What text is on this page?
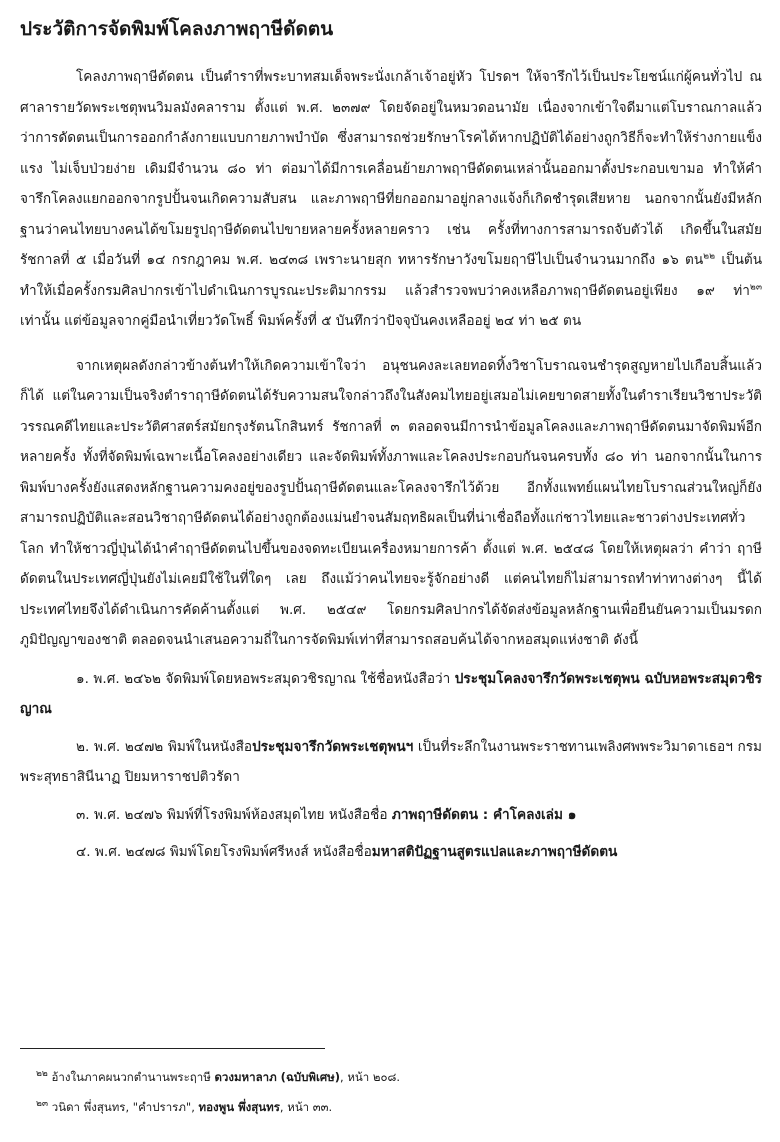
ประวัติการจัดพิมพ์โคลงภาพฤาษีดัดตน

โคลงภาพฤาษีดัดตน เป็นตำราที่พระบาทสมเด็จพระนั่งเกล้าเจ้าอยู่หัว โปรดฯ ให้จารึกไว้เป็นประโยชน์แก่ผู้คนทั่วไป ณ ศาลารายวัดพระเชตุพนวิมลมังคลาราม ตั้งแต่ พ.ศ. ๒๓๗๙ โดยจัดอยู่ในหมวดอนามัย เนื่องจากเข้าใจดีมาแต่โบราณกาลแล้วว่าการดัดตนเป็นการออกกำลังกายแบบกายภาพบำบัด ซึ่งสามารถช่วยรักษาโรคได้หากปฏิบัติได้อย่างถูกวิธีก็จะทำให้ร่างกายแข็งแรง ไม่เจ็บป่วยง่าย เดิมมีจำนวน ๘๐ ท่า ต่อมาได้มีการเคลื่อนย้ายภาพฤาษีดัดตนเหล่านั้นออกมาตั้งประกอบเขามอ ทำให้คำจารึกโคลงแยกออกจากรูปปั้นจนเกิดความสับสน และภาพฤาษีที่ยกออกมาอยู่กลางแจ้งก็เกิดชำรุดเสียหาย นอกจากนั้นยังมีหลักฐานว่าคนไทยบางคนได้ขโมยรูปฤาษีดัดตนไปขายหลายครั้งหลายคราว เช่น ครั้งที่ทางการสามารถจับตัวได้ เกิดขึ้นในสมัยรัชกาลที่ ๕ เมื่อวันที่ ๑๔ กรกฎาคม พ.ศ. ๒๔๓๘ เพราะนายสุก ทหารรักษาวังขโมยฤาษีไปเป็นจำนวนมากถึง ๑๖ ตน$^{๒๒}$ เป็นต้น ทำให้เมื่อครั้งกรมศิลปากรเข้าไปดำเนินการบูรณะประติมากรรม แล้วสำรวจพบว่าคงเหลือภาพฤาษีดัดตนอยู่เพียง ๑๙ ท่า$^{๒๓}$ เท่านั้น แต่ข้อมูลจากคู่มือนำเที่ยววัดโพธิ์ พิมพ์ครั้งที่ ๕ บันทึกว่าปัจจุบันคงเหลืออยู่ ๒๔ ท่า ๒๕ ตน

จากเหตุผลดังกล่าวข้างต้นทำให้เกิดความเข้าใจว่า อนุชนคงละเลยทอดทิ้งวิชาโบราณจนชำรุดสูญหายไปเกือบสิ้นแล้วก็ได้ แต่ในความเป็นจริงตำราฤาษีดัดตนได้รับความสนใจกล่าวถึงในสังคมไทยอยู่เสมอไม่เคยขาดสายทั้งในตำราเรียนวิชาประวัติวรรณคดีไทยและประวัติศาสตร์สมัยกรุงรัตนโกสินทร์ รัชกาลที่ ๓ ตลอดจนมีการนำข้อมูลโคลงและภาพฤาษีดัดตนมาจัดพิมพ์อีกหลายครั้ง ทั้งที่จัดพิมพ์เฉพาะเนื้อโคลงอย่างเดียว และจัดพิมพ์ทั้งภาพและโคลงประกอบกันจนครบทั้ง ๘๐ ท่า นอกจากนั้นในการพิมพ์บางครั้งยังแสดงหลักฐานความคงอยู่ของรูปปั้นฤาษีดัดตนและโคลงจารึกไว้ด้วย อีกทั้งแพทย์แผนไทยโบราณส่วนใหญ่ก็ยังสามารถปฏิบัติและสอนวิชาฤาษีดัดตนได้อย่างถูกต้องแม่นยำจนสัมฤทธิผลเป็นที่น่าเชื่อถือทั้งแก่ชาวไทยและชาวต่างประเทศทั่วโลก ทำให้ชาวญี่ปุ่นได้นำคำฤาษีดัดตนไปขึ้นของจดทะเบียนเครื่องหมายการค้า ตั้งแต่ พ.ศ. ๒๕๔๘ โดยให้เหตุผลว่า คำว่า ฤาษีดัดตนในประเทศญี่ปุ่นยังไม่เคยมีใช้ในที่ใดๆ เลย ถึงแม้ว่าคนไทยจะรู้จักอย่างดี แต่คนไทยก็ไม่สามารถทำท่าทางต่างๆ นี้ได้ ประเทศไทยจึงได้ดำเนินการคัดค้านตั้งแต่ พ.ศ. ๒๕๔๙ โดยกรมศิลปากรได้จัดส่งข้อมูลหลักฐานเพื่อยืนยันความเป็นมรดกภูมิปัญญาของชาติ ตลอดจนนำเสนอความถี่ในการจัดพิมพ์เท่าที่สามารถสอบค้นได้จากหอสมุดแห่งชาติ ดังนี้

๑. พ.ศ. ๒๔๖๒ จัดพิมพ์โดยหอพระสมุดวชิรญาณ ใช้ชื่อหนังสือว่า ประชุมโคลงจารึกวัดพระเชตุพน ฉบับหอพระสมุดวชิรญาณ

๒. พ.ศ. ๒๔๗๒ พิมพ์ในหนังสือประชุมจารึกวัดพระเชตุพนฯ เป็นที่ระลึกในงานพระราชทานเพลิงศพพระวิมาดาเธอฯ กรมพระสุทธาสินีนาฏ ปิยมหาราชปติวรัดา

๓. พ.ศ. ๒๔๗๖ พิมพ์ที่โรงพิมพ์ห้องสมุดไทย หนังสือชื่อ ภาพฤาษีดัดตน : คำโคลงเล่ม ๑

๔. พ.ศ. ๒๔๗๘ พิมพ์โดยโรงพิมพ์ศรีหงส์ หนังสือชื่อมหาสติปัฏฐานสูตรแปลและภาพฤาษีดัดตน

$^{๒๒}$ อ้างในภาคผนวกตำนานพระฤาษี ดวงมหาลาภ (ฉบับพิเศษ), หน้า ๒๐๘.

$^{๒๓}$ วนิดา พึ่งสุนทร, "คำปรารภ", ทองพูน พึ่งสุนทร, หน้า ๓๓.
